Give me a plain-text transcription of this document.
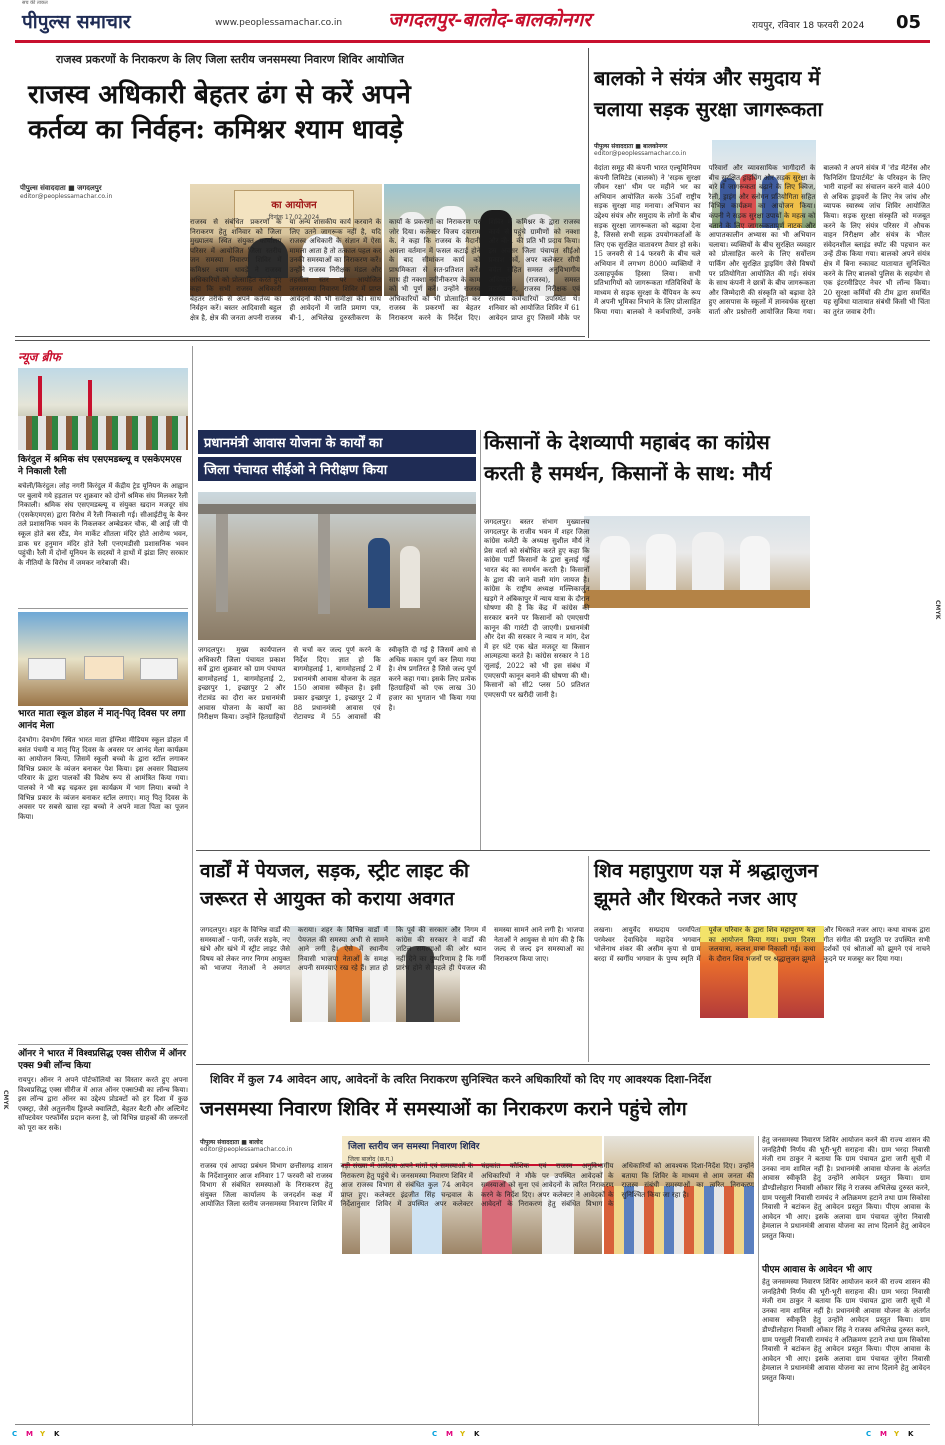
पीपुल्स समाचार
सच की ताकत
www.peoplessamachar.co.in जगदलपुर-बालोद-बालकोनगर	रायपुर, रविवार 18 फरवरी 2024 05
राजस्व प्रकरणों के निराकरण के लिए जिला स्तरीय जनसमस्या निवारण शिविर आयोजित
राजस्व अधिकारी बेहतर ढंग से करें अपने
कर्तव्य का निर्वहन: कमिश्नर श्याम धावड़े
पीपुल्स संवाददाता ■ जगदलपुर
editor@peoplessamachar.co.in
का आयोजन
दिनांक 17.02.2024
राजस्व से संबंधित प्रकरणों के निराकरण हेतु शनिवार को जिला मुख्यालय स्थित संयुक्त कार्यालय परिसर में आयोजित जिला स्तरीय जन समस्या निवारण शिविर में कमिश्नर श्याम धावड़े ने राजस्व अधिकारियों को प्रोत्साहित करते हुए कहा कि सभी राजस्व अधिकारी बेहतर तरीके से अपने कर्तव्य का निर्वहन करें। बस्तर आदिवासी बहुल क्षेत्र है, क्षेत्र की जनता अपनी राजस्व या अन्य शासकीय कार्य करवाने के लिए उतने जागरूक नहीं है, यदि राजस्व अधिकारी के संज्ञान में ऐसा मामला आता है तो तत्काल पहल कर उनकी समस्याओं का निराकरण करें। उन्होंने राजस्व निरीक्षक मंडल और तहसील स्तर पर आयोजित जनसमस्या निवारण शिविर में प्राप्त आवेदनों की भी समीक्षा की। साथ ही आवेदनों में जाति प्रमाण पत्र, बी-1, अभिलेख दुरुस्तीकरण के कार्यों के प्रकरणों का निराकरण पर जोर दिया। कलेक्टर विजय दयाराम के. ने कहा कि राजस्व के मैदानी अमला वर्तमान में फसल कटाई होने के बाद सीमांकन कार्य को प्राथमिकता से सत-प्रतिशत करें। साथ ही नक्शा नवीनीकरण के काम को भी पूर्ण करें। उन्होंने राजस्व अधिकारियों को भी प्रोत्साहित कर राजस्व के प्रकरणों का बेहतर निराकरण करने के निर्देश दिए। शिविर में कमिश्नर के द्वारा राजस्व कार्य से पहुंचे ग्रामीणों को नक्शा और बी-1 की प्रति भी प्रदाय किया। इस अवसर जिला पंचायत सीईओ प्रकाश सर्वे, अपर कलेक्टर सीपी बघेल सहित समस्त अनुविभागीय अधिकारी (राजस्व), समस्त तहसीलदार, राजस्व निरीक्षक एवं राजस्व कर्मचारियों उपस्थित थे। शनिवार को आयोजित शिविर में 61 आवेदन प्राप्त हुए जिसमें मौके पर
बालको ने संयंत्र और समुदाय में
चलाया सड़क सुरक्षा जागरूकता
पीपुल्स संवाददाता ■ बालकोनगर
editor@peoplessamachar.co.in
वेदांता समूह की कंपनी भारत एल्यूमिनियम कंपनी लिमिटेड (बालको) ने 'सड़क सुरक्षा जीवन रक्षा' थीम पर महीने भर का अभियान आयोजित करके 35वाँ राष्ट्रीय सड़क सुरक्षा माह मनाया। अभियान का उद्देश्य संयंत्र और समुदाय के लोगों के बीच सड़क सुरक्षा जागरूकता को बढ़ावा देना है, जिससे सभी सड़क उपयोगकर्ताओं के लिए एक सुरक्षित वातावरण तैयार हो सके। 15 जनवरी से 14 फरवरी के बीच चले अभियान में लगभग 8000 व्यक्तियों ने उत्साहपूर्वक हिस्सा लिया। सभी प्रतिभागियों को जागरूकता गतिविधियों के माध्यम से सड़क सुरक्षा के चैंपियन के रूप में अपनी भूमिका निभाने के लिए प्रोत्साहित किया गया। बालको ने कर्मचारियों, उनके परिवारों और व्यावसायिक भागीदारों के बीच सुरक्षित ड्राइविंग और सड़क सुरक्षा के बारे में जागरूकता बढ़ाने के लिए क्विज, रैली, ड्राइंग और स्लोगन प्रतियोगिता सहित विभिन्न कार्यक्रम का आयोजन किया। कंपनी ने सड़क सुरक्षा उपायों के महत्व को बताने के लिए जागरूकतापूर्ण नाटक और आपातकालीन अभ्यास का भी अभियान चलाया। व्यक्तियों के बीच सुरक्षित व्यवहार को प्रोत्साहित करने के लिए सर्वोत्तम पार्किंग और सुरक्षित ड्राइविंग जैसे विषयों पर प्रतियोगिता आयोजित की गई। संयंत्र के साथ कंपनी ने छात्रों के बीच जागरूकता और जिम्मेदारी की संस्कृति को बढ़ावा देते हुए आसपास के स्कूलों में ज्ञानवर्धक सुरक्षा वार्ता और प्रश्नोत्तरी आयोजित किया गया। बालको ने अपने संयंत्र में 'रोड मेंटेनेंस और फिनिशिंग डिपार्टमेंट' के परिवहन के लिए भारी वाहनों का संचालन करने वाले 400 से अधिक ड्राइवरों के लिए नेत्र जांच और व्यापक स्वास्थ्य जांच शिविर आयोजित किया। सड़क सुरक्षा संस्कृति को मजबूत करने के लिए संयंत्र परिसर में औचक वाहन निरीक्षण और संयंत्र के भीतर संवेदनशील ब्लाइंड स्पॉट की पहचान कर उन्हें ठीक किया गया। बालको अपने संयंत्र क्षेत्र में बिना रुकावट यातायात सुनिश्चित करने के लिए बालको पुलिस के सहयोग से एक इंटरमीडिएट नेचर भी लॉन्च किया। 20 सुरक्षा कर्मियों की टीम द्वारा समर्थित यह सुविधा यातायात संबंधी किसी भी चिंता का तुरंत जवाब देगी।
न्यूज ब्रीफ
किरंदुल में श्रमिक संघ एसएमडब्ल्यू व एसकेएमएस ने निकाली रैली
बचेली/किरंदुल। लोह नगरी किरंदुल में केंद्रीय ट्रेड यूनियन के आह्वान पर बुलाये गये हड़ताल पर शुक्रवार को दोनों श्रमिक संघ मिलकर रैली निकाली। श्रमिक संघ एसएमडब्ल्यू व संयुक्त खदान मजदूर संघ (एसकेएमएस) द्वारा विरोध में रैली निकाली गई। सीआईटीयू के बैनर तले प्रशासनिक भवन के निकलकर अम्बेडकर चौक, बी आई जी पी स्कूल होते बस स्टैंड, मेन मार्केट शीतला मंदिर होते आरोग्य भवन, डाक घर हनुमान मंदिर होते रैली एनएमडीसी प्रशासनिक भवन पहुंची। रैली में दोनों यूनियन के सदस्यों ने हाथों में झंडा लिए सरकार के नीतियों के विरोध में जमकर नारेबाजी की।
भारत माता स्कूल डोहल में मातृ-पितृ दिवस पर लगा आनंद मेला
देवभोग। देवभोग स्थित भारत माता इंग्लिश मीडियम स्कूल डोहल में बसंत पंचमी व मातृ पितृ दिवस के अवसर पर आनंद मेला कार्यक्रम का आयोजन किया, जिसमें स्कूली बच्चो के द्वारा स्टॉल लगाकर विभिन्न प्रकार के व्यंजन बनाकर पेश किया। इस अवसर विद्यालय परिवार के द्वारा पालकों की विशेष रूप से आमंत्रित किया गया। पालको ने भी बढ़ चढ़कर इस कार्यक्रम में भाग लिया। बच्चो ने विभिन्न प्रकार के व्यंजन बनाकर स्टॉल लगाए। मातृ पितृ दिवस के अवसर पर सबसे खास रहा बच्चो ने अपने माता पिता का पूजन किया।
ऑनर ने भारत में विश्वप्रसिद्ध एक्स सीरीज में ऑनर एक्स 9बी लॉन्च किया
रायपुर। ऑनर ने अपने पोर्टफोलियो का विस्तार करते हुए अपना विश्वप्रसिद्ध एक्स सीरीज में आज ऑनर एक्स9बी का लॉन्च किया। इस लॉन्च द्वारा ऑनर का उद्देश्य प्रोडक्टों को हर दिशा में कुछ एक्स्ट्रा, जैसे अतुलनीय ड्रिस्प्ले क्वालिटी, बेहतर बैटरी और अल्टिमेट सॉफ्टवेयर परफॉर्मेंस प्रदान करना है, जो विभिन्न ग्राहकों की जरूरतों को पूरा कर सके।
प्रधानमंत्री आवास योजना के कार्यों का
जिला पंचायत सीईओ ने निरीक्षण किया
जगदलपुर। मुख्य कार्यपालन अधिकारी जिला पंचायत प्रकाश सर्वे द्वारा शुक्रवार को ग्राम पंचायत बागमोहलाई 1, बागमोहलाई 2, इच्छापुर 1, इच्छापुर 2 और रोटावंड का दौरा कर प्रधानमंत्री आवास योजना के कार्यों का निरीक्षण किया। उन्होंने हितग्राहियों से चर्चा कर जल्द पूर्ण करने के निर्देश दिए। ज्ञात हो कि बागमोहलाई 1, बागमोहलाई 2 में प्रधानमंत्री आवास योजना के तहत 150 आवास स्वीकृत है। इसी प्रकार इच्छापुर 1, इच्छापुर 2 में 88 प्रधानमंत्री आवास एवं रोटावण्ड में 55 आवासों की स्वीकृति दी गई है जिसमें आधे से अधिक मकान पूर्ण कर लिया गया है। शेष प्रगतिरत है जिसे जल्द पूर्ण करने कहा गया। इसके लिए प्रत्येक हितग्राहियों को एक लाख 30 हजार का भुगतान भी किया गया है।
किसानों के देशव्यापी महाबंद का कांग्रेस
करती है समर्थन, किसानों के साथ: मौर्य
जगदलपुर। बस्तर संभाग मुख्यालय जगदलपुर के राजीव भवन में शहर जिला कांग्रेस कमेटी के अध्यक्ष सुशील मौर्य ने प्रेस वार्ता को संबोधित करते हुए कहा कि कांग्रेस पार्टी किसानों के द्वारा बुलाई गई भारत बंद का समर्थन करती है। किसानों के द्वारा की जाने वाली मांग जायज है। कांग्रेस के राष्ट्रीय अध्यक्ष मल्लिकार्जुन खड़गे ने अंबिकापुर में न्याय यात्रा के दौरान घोषणा की है कि केंद्र में कांग्रेस की सरकार बनने पर किसानों को एमएसपी कानून की गारंटी दी जाएगी। प्रधानमंत्री और देश की सरकार ने न्याय न मांग, देश में हर घंटे एक खेत मजदूर या किसान आत्महत्या करते है। कांग्रेस सरकार ने 18 जुलाई, 2022 को भी इस संबंध में एमएसपी कानून बनाने की घोषणा की थी। किसानों को सी2 प्लस 50 प्रतिशत एमएसपी पर खरीदी जानी है।
वार्डों में पेयजल, सड़क, स्ट्रीट लाइट की
जरूरत से आयुक्त को कराया अवगत
जगदलपुर। शहर के विभिन्न वार्डों की समस्याओं - पानी, जर्जर सड़के, नए खंभे और खंभे में स्ट्रीट लाइट जैसे विषय को लेकर नगर निगम आयुक्त को भाजपा नेताओं ने अवगत कराया। शहर के विभिन्न वार्डों में पेयजल की समस्या अभी से सामने आने लगी है। ऐसे में स्थानीय निवासी भाजपा नेताओं के समक्ष अपनी समस्याएं रख रहे हैं। ज्ञात हो कि पूर्व की सरकार और निगम में कांग्रेस की सरकार ने वार्डों की जटिल समस्याओं की ओर ध्यान नहीं देने का दुष्परिणाम है कि गर्मी प्रारंभ होने से पहले ही पेयजल की समस्या सामने आने लगी है। भाजपा नेताओं ने आयुक्त से मांग की है कि जल्द से जल्द इन समस्याओं का निराकरण किया जाए।
शिव महापुराण यज्ञ में श्रद्धालुजन
झूमते और थिरकते नजर आए
लखना। आयुर्वेद सम्प्रदाय परमपिता परमेश्वर देवाधिदेव महादेव भगवान भोलेनाथ शंकर की असीम कृपा से ग्राम बरदा में स्वर्गीय भगवान के पुण्य स्मृति में पूर्वज परिवार के द्वारा शिव महापुराण यज्ञ का आयोजन किया गया। प्रथम दिवस जलयात्रा, कलश यात्रा निकाली गई। कथा के दौरान शिव भजनों पर श्रद्धालुजन झूमते और थिरकते नजर आए। कथा वाचक द्वारा गीत संगीत की प्रस्तुति पर उपस्थित सभी दर्शकों एवं श्रोताओं को झूमने एवं नाचने कूदने पर मजबूर कर दिया गया।
शिविर में कुल 74 आवेदन आए, आवेदनों के त्वरित निराकरण सुनिश्चित करने अधिकारियों को दिए गए आवश्यक दिशा-निर्देश
जनसमस्या निवारण शिविर में समस्याओं का निराकरण कराने पहुंचे लोग
पीपुल्स संवाददाता ■ बालोद
editor@peoplessamachar.co.in	जिला स्तरीय जन समस्या निवारण शिविर
जिला बालोद (छ.ग.)
राजस्व एवं आपदा प्रबंधन विभाग छत्तीसगढ़ शासन के निर्देशानुसार आज शनिवार 17 फरवरी को राजस्व विभाग से संबंधित समस्याओं के निराकरण हेतु संयुक्त जिला कार्यालय के जनदर्शन कक्ष में आयोजित जिला स्तरीय जनसमस्या निवारण शिविर में बड़ी संख्या में आवेदक अपने मांगों एवं समस्याओं के निराकरण हेतु पहुंचे थे। जनसमस्या निवारण शिविर में आज राजस्व विभाग से संबंधित कुल 74 आवेदन प्राप्त हुए। कलेक्टर इंद्रजीत सिंह चन्द्रवाल के निर्देशानुसार शिविर में उपस्थित अपर कलेक्टर चंद्रकांत कौशिक एवं राजस्व अनुविभागीय अधिकारियों ने मौके पर उपस्थित आवेदकों के समस्याओं को सुना एवं आवेदनों के त्वरित निराकरण करने के निर्देश दिए। अपर कलेक्टर ने आवेदकों के आवेदनों के निराकरण हेतु संबंधित विभाग के अधिकारियों को आवश्यक दिशा-निर्देश दिए। उन्होंने बताया कि शिविर के माध्यम से आम जनता की राजस्व संबंधी समस्याओं का त्वरित निराकरण सुनिश्चित किया जा रहा है।
हेतु जनसमस्या निवारण शिविर आयोजन करने की राज्य शासन की जनहितैषी निर्णय की भूरी-भूरी सराहना की। ग्राम भरदा निवासी मंजी राम ठाकुर ने बताया कि ग्राम पंचायत द्वारा जारी सूची में उनका नाम शामिल नहीं है। प्रधानमंत्री आवास योजना के अंतर्गत आवास स्वीकृति हेतु उन्होंने आवेदन प्रस्तुत किया। ग्राम डौण्डीलोहारा निवासी ओंकार सिंह ने राजस्व अभिलेख दुरुस्त करने, ग्राम परसुली निवासी रामचंद ने अतिक्रमण हटाने तथा ग्राम सिकोसा निवासी ने बटांकन हेतु आवेदन प्रस्तुत किया। पीएम आवास के आवेदन भी आए। इसके अलावा ग्राम पंचायत जुंगेरा निवासी हेमलाल ने प्रधानमंत्री आवास योजना का लाभ दिलाने हेतु आवेदन प्रस्तुत किया।
पीएम आवास के आवेदन भी आए
हेतु जनसमस्या निवारण शिविर आयोजन करने की राज्य शासन की जनहितैषी निर्णय की भूरी-भूरी सराहना की। ग्राम भरदा निवासी मंजी राम ठाकुर ने बताया कि ग्राम पंचायत द्वारा जारी सूची में उनका नाम शामिल नहीं है। प्रधानमंत्री आवास योजना के अंतर्गत आवास स्वीकृति हेतु उन्होंने आवेदन प्रस्तुत किया। ग्राम डौण्डीलोहारा निवासी ओंकार सिंह ने राजस्व अभिलेख दुरुस्त करने, ग्राम परसुली निवासी रामचंद ने अतिक्रमण हटाने तथा ग्राम सिकोसा निवासी ने बटांकन हेतु आवेदन प्रस्तुत किया। पीएम आवास के आवेदन भी आए। इसके अलावा ग्राम पंचायत जुंगेरा निवासी हेमलाल ने प्रधानमंत्री आवास योजना का लाभ दिलाने हेतु आवेदन प्रस्तुत किया।
C M Y K	C M Y K	C M Y K
CMYK
CMYK
